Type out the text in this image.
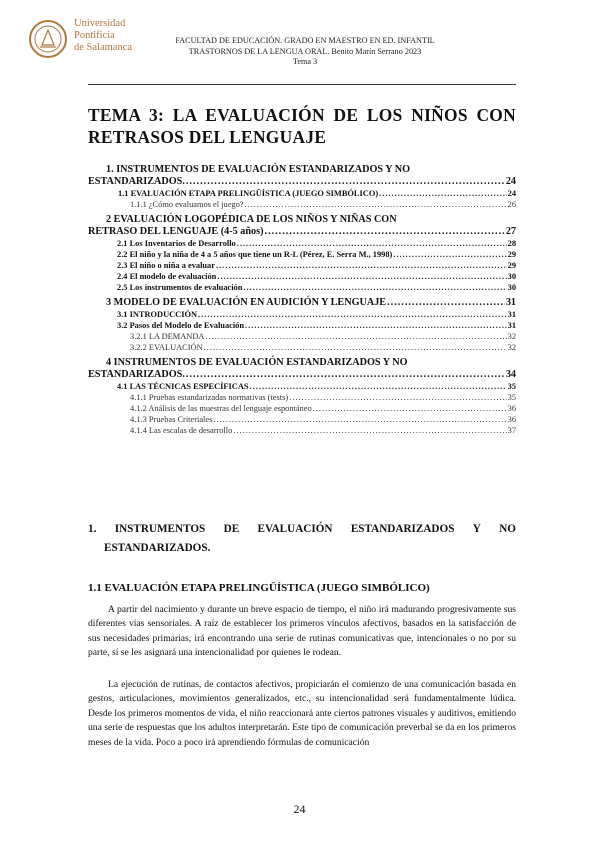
Universidad
Pontificia
de Salamanca
FACULTAD DE EDUCACIÓN. GRADO EN MAESTRO EN ED. INFANTIL
TRASTORNOS DE LA LENGUA ORAL. Benito Marín Serrano 2023
Tema 3
TEMA 3: LA EVALUACIÓN DE LOS NIÑOS CON RETRASOS DEL LENGUAJE
1. INSTRUMENTOS DE EVALUACIÓN ESTANDARIZADOS Y NO
ESTANDARIZADOS. .....	24
1.1 EVALUACIÓN ETAPA PRELINGÜÍSTICA (JUEGO SIMBÓLICO) .....	24
1.1.1 ¿Cómo evaluamos el juego? .....	26
2 EVALUACIÓN LOGOPÉDICA DE LOS NIÑOS Y NIÑAS CON
RETRASO DEL LENGUAJE (4-5 años) .....	27
2.1 Los Inventarios de Desarrollo .....	28
2.2 El niño y la niña de 4 a 5 años que tiene un R-L (Pérez, E. Serra M., 1998) .....	29
2.3 El niño o niña a evaluar .....	29
2.4 El modelo de evaluación .....	30
2.5 Los instrumentos de evaluación .....	30
3 MODELO DE EVALUACIÓN EN AUDICIÓN Y LENGUAJE .....	31
3.1 INTRODUCCIÓN .....	31
3.2 Pasos del Modelo de Evaluación .....	31
3.2.1 LA DEMANDA .....	32
3.2.2 EVALUACIÓN .....	32
4 INSTRUMENTOS DE EVALUACIÓN ESTANDARIZADOS Y NO
ESTANDARIZADOS. .....	34
4.1 LAS TÉCNICAS ESPECÍFICAS .....	35
4.1.1 Pruebas estandarizadas normativas (tests) .....	35
4.1.2 Análisis de las muestras del lenguaje espontáneo .....	36
4.1.3 Pruebas Criteriales .....	36
4.1.4 Las escalas de desarrollo .....	37
1. INSTRUMENTOS DE EVALUACIÓN ESTANDARIZADOS Y NO
ESTANDARIZADOS.
1.1 EVALUACIÓN ETAPA PRELINGÜÍSTICA (JUEGO SIMBÓLICO)
A partir del nacimiento y durante un breve espacio de tiempo, el niño irá madurando progresivamente sus diferentes vías sensoriales. A raíz de establecer los primeros vínculos afectivos, basados en la satisfacción de sus necesidades primarias, irá encontrando una serie de rutinas comunicativas que, intencionales o no por su parte, sí se les asignará una intencionalidad por quienes le rodean.
La ejecución de rutinas, de contactos afectivos, propiciarán el comienzo de una comunicación basada en gestos, articulaciones, movimientos generalizados, etc., su intencionalidad será fundamentalmente lúdica. Desde los primeros momentos de vida, el niño reaccionará ante ciertos patrones visuales y auditivos, emitiendo una serie de respuestas que los adultos interpretarán. Este tipo de comunicación preverbal se da en los primeros meses de la vida. Poco a poco irá aprendiendo fórmulas de comunicación
24
